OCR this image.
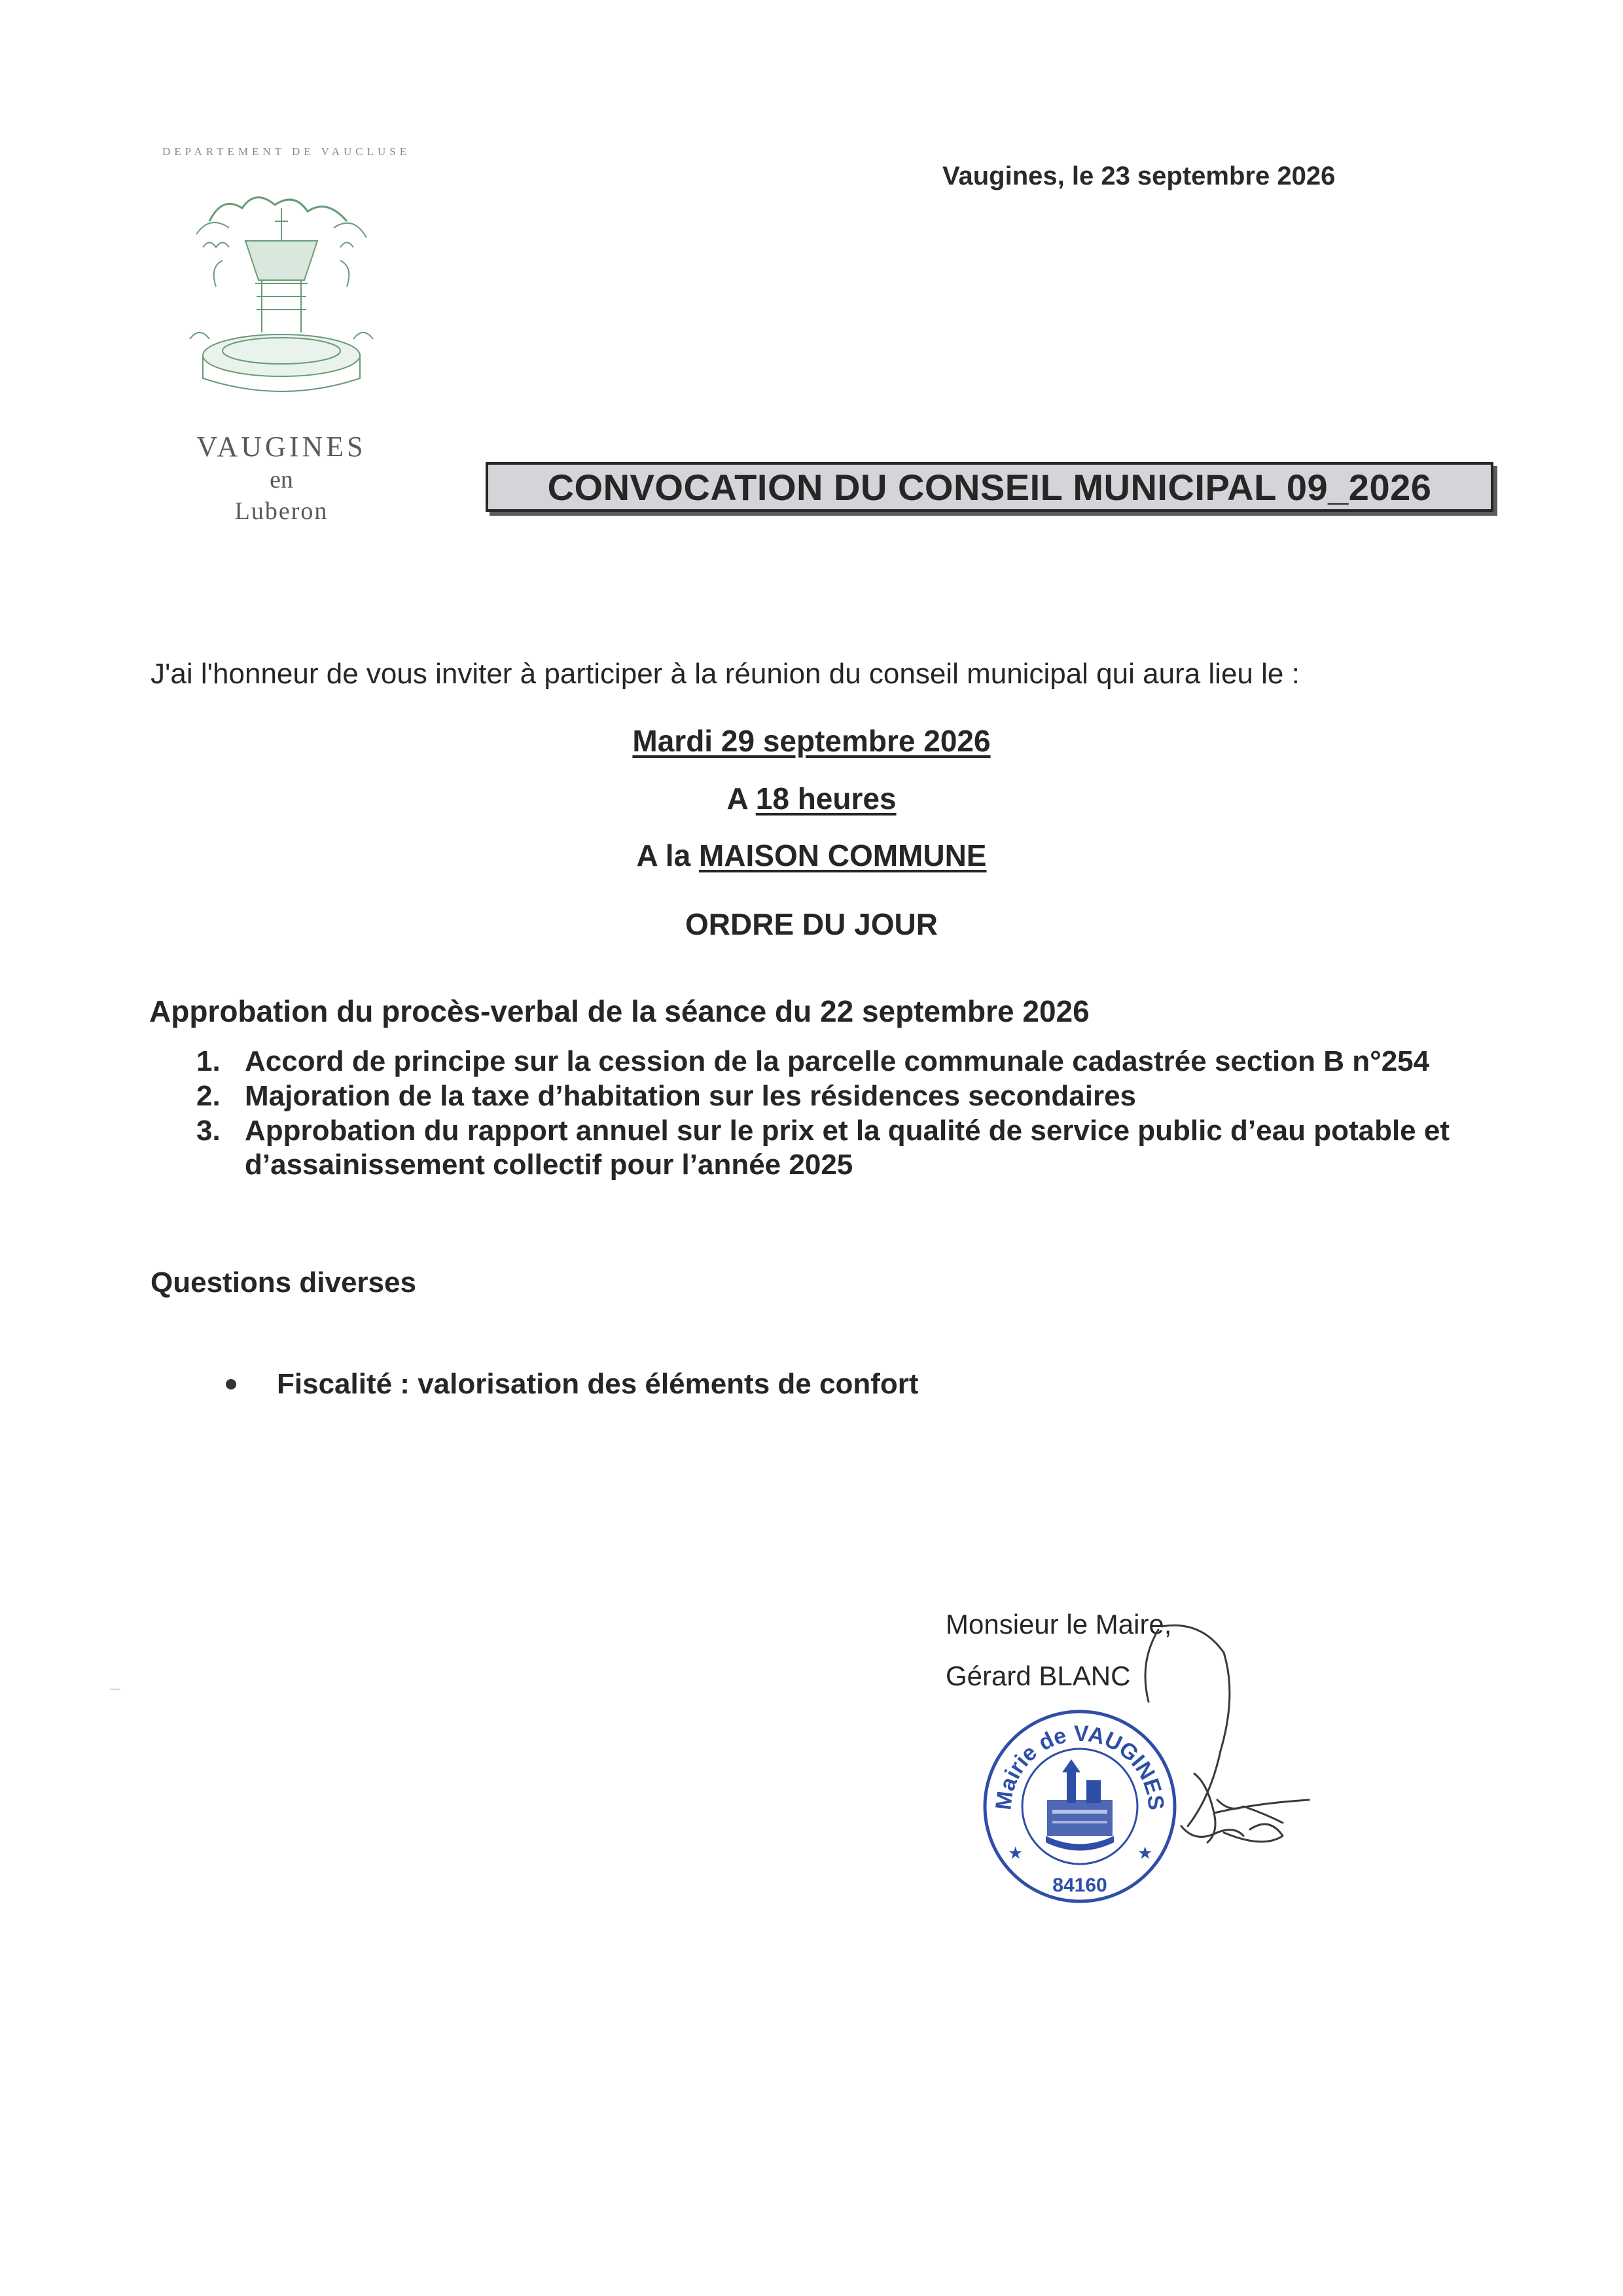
DEPARTEMENT DE VAUCLUSE
VAUGINES
en
Luberon
Vaugines, le 23 septembre 2026
CONVOCATION DU CONSEIL MUNICIPAL 09_2026
J'ai l'honneur de vous inviter à participer à la réunion du conseil municipal qui aura lieu le :
Mardi 29 septembre 2026
A 18 heures
A la MAISON COMMUNE
ORDRE DU JOUR
Approbation du procès-verbal de la séance du 22 septembre 2026
1. Accord de principe sur la cession de la parcelle communale cadastrée section B n°254
2. Majoration de la taxe d’habitation sur les résidences secondaires
3. Approbation du rapport annuel sur le prix et la qualité de service public d’eau potable et d’assainissement collectif pour l’année 2025
Questions diverses
Fiscalité : valorisation des éléments de confort
Monsieur le Maire,
Gérard BLANC
Mairie de VAUGINES
84160
★	★
